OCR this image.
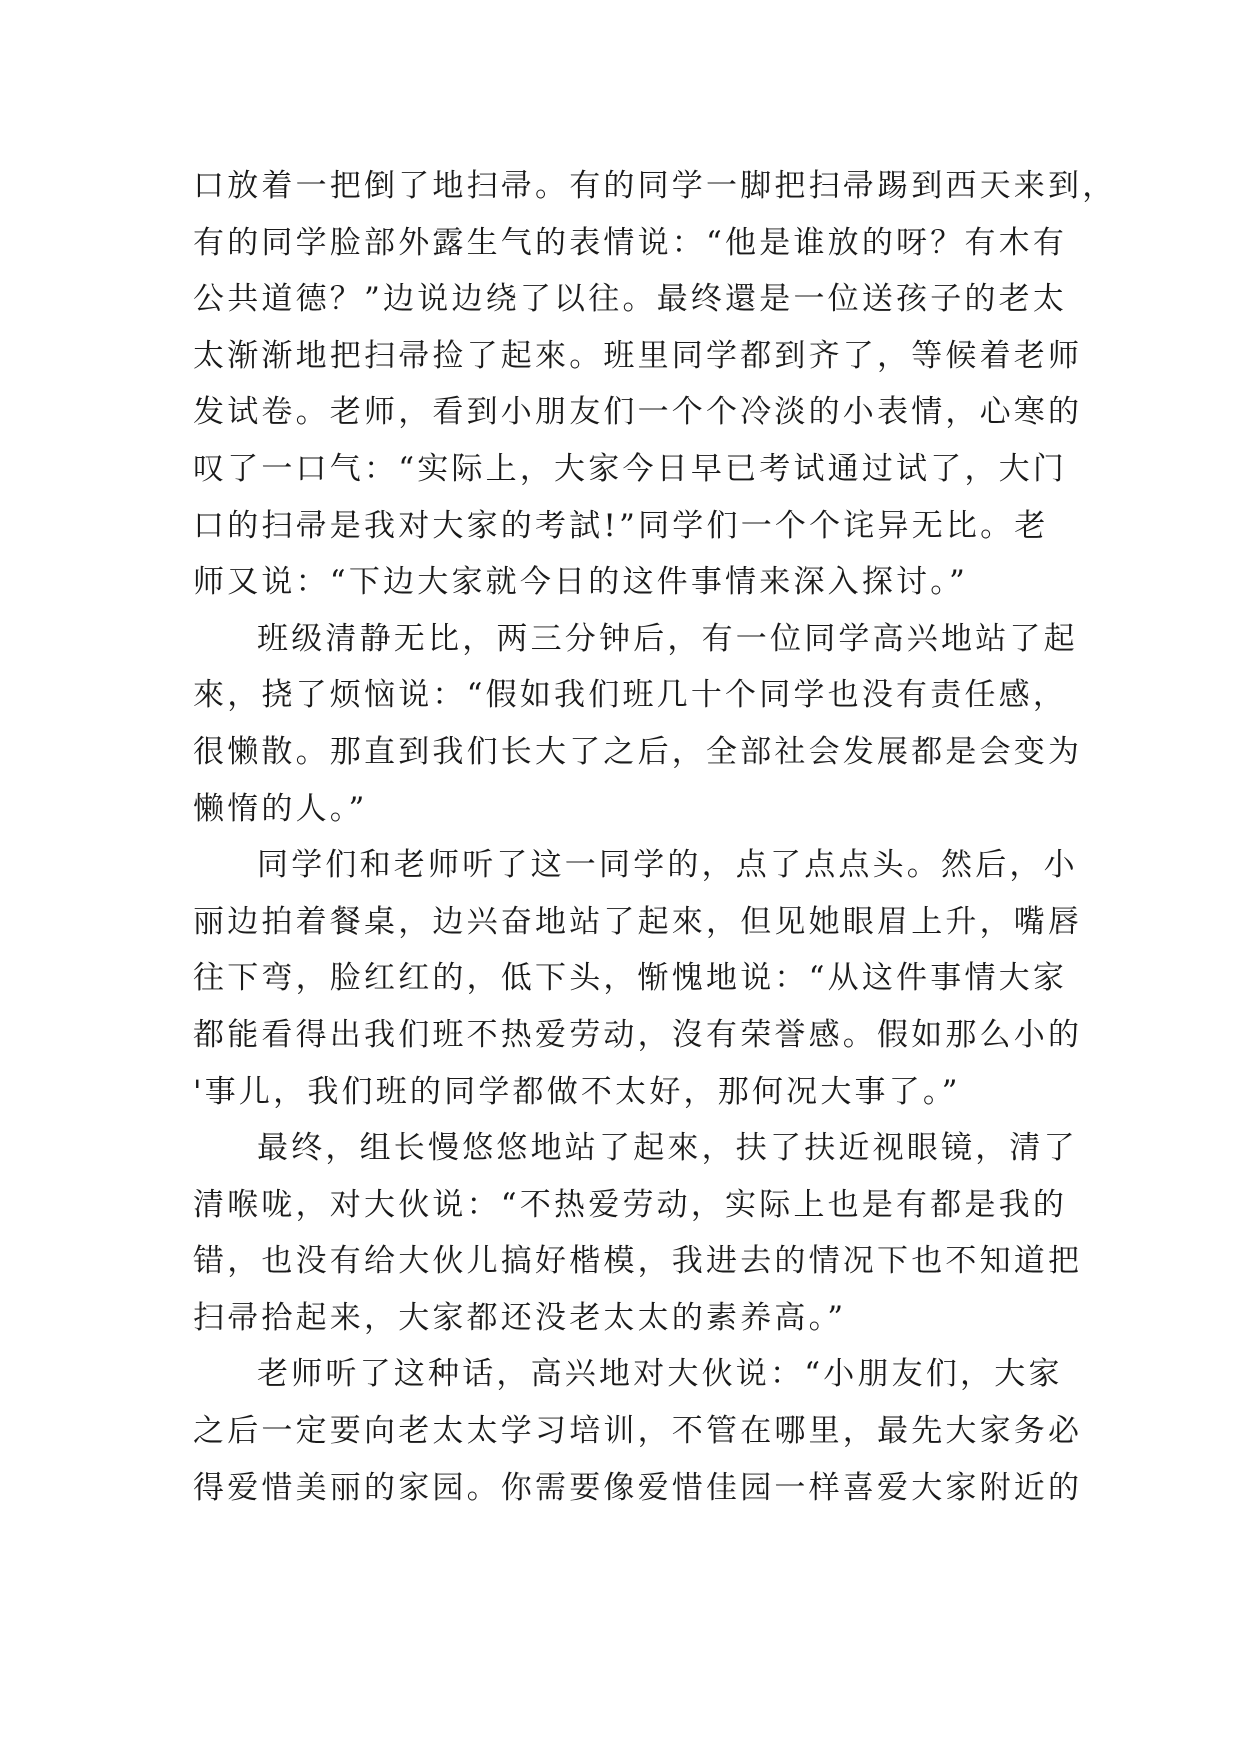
口放着一把倒了地扫帚。有的同学一脚把扫帚踢到西天来到，
有的同学脸部外露生气的表情说：“他是谁放的呀？有木有
公共道德？”边说边绕了以往。最终還是一位送孩子的老太
太渐渐地把扫帚捡了起來。班里同学都到齐了，等候着老师
发试卷。老师，看到小朋友们一个个冷淡的小表情，心寒的
叹了一口气：“实际上，大家今日早已考试通过试了，大门
口的扫帚是我对大家的考試!”同学们一个个诧异无比。老
师又说：“下边大家就今日的这件事情来深入探讨。”
班级清静无比，两三分钟后，有一位同学高兴地站了起
來，挠了烦恼说：“假如我们班几十个同学也没有责任感，
很懒散。那直到我们长大了之后，全部社会发展都是会变为
懒惰的人。”
同学们和老师听了这一同学的，点了点点头。然后，小
丽边拍着餐桌，边兴奋地站了起來，但见她眼眉上升，嘴唇
往下弯，脸红红的，低下头，惭愧地说：“从这件事情大家
都能看得出我们班不热爱劳动，沒有荣誉感。假如那么小的
'事儿，我们班的同学都做不太好，那何况大事了。”
最终，组长慢悠悠地站了起來，扶了扶近视眼镜，清了
清喉咙，对大伙说：“不热爱劳动，实际上也是有都是我的
错，也没有给大伙儿搞好楷模，我进去的情况下也不知道把
扫帚拾起来，大家都还没老太太的素养高。”
老师听了这种话，高兴地对大伙说：“小朋友们，大家
之后一定要向老太太学习培训，不管在哪里，最先大家务必
得爱惜美丽的家园。你需要像爱惜佳园一样喜爱大家附近的
